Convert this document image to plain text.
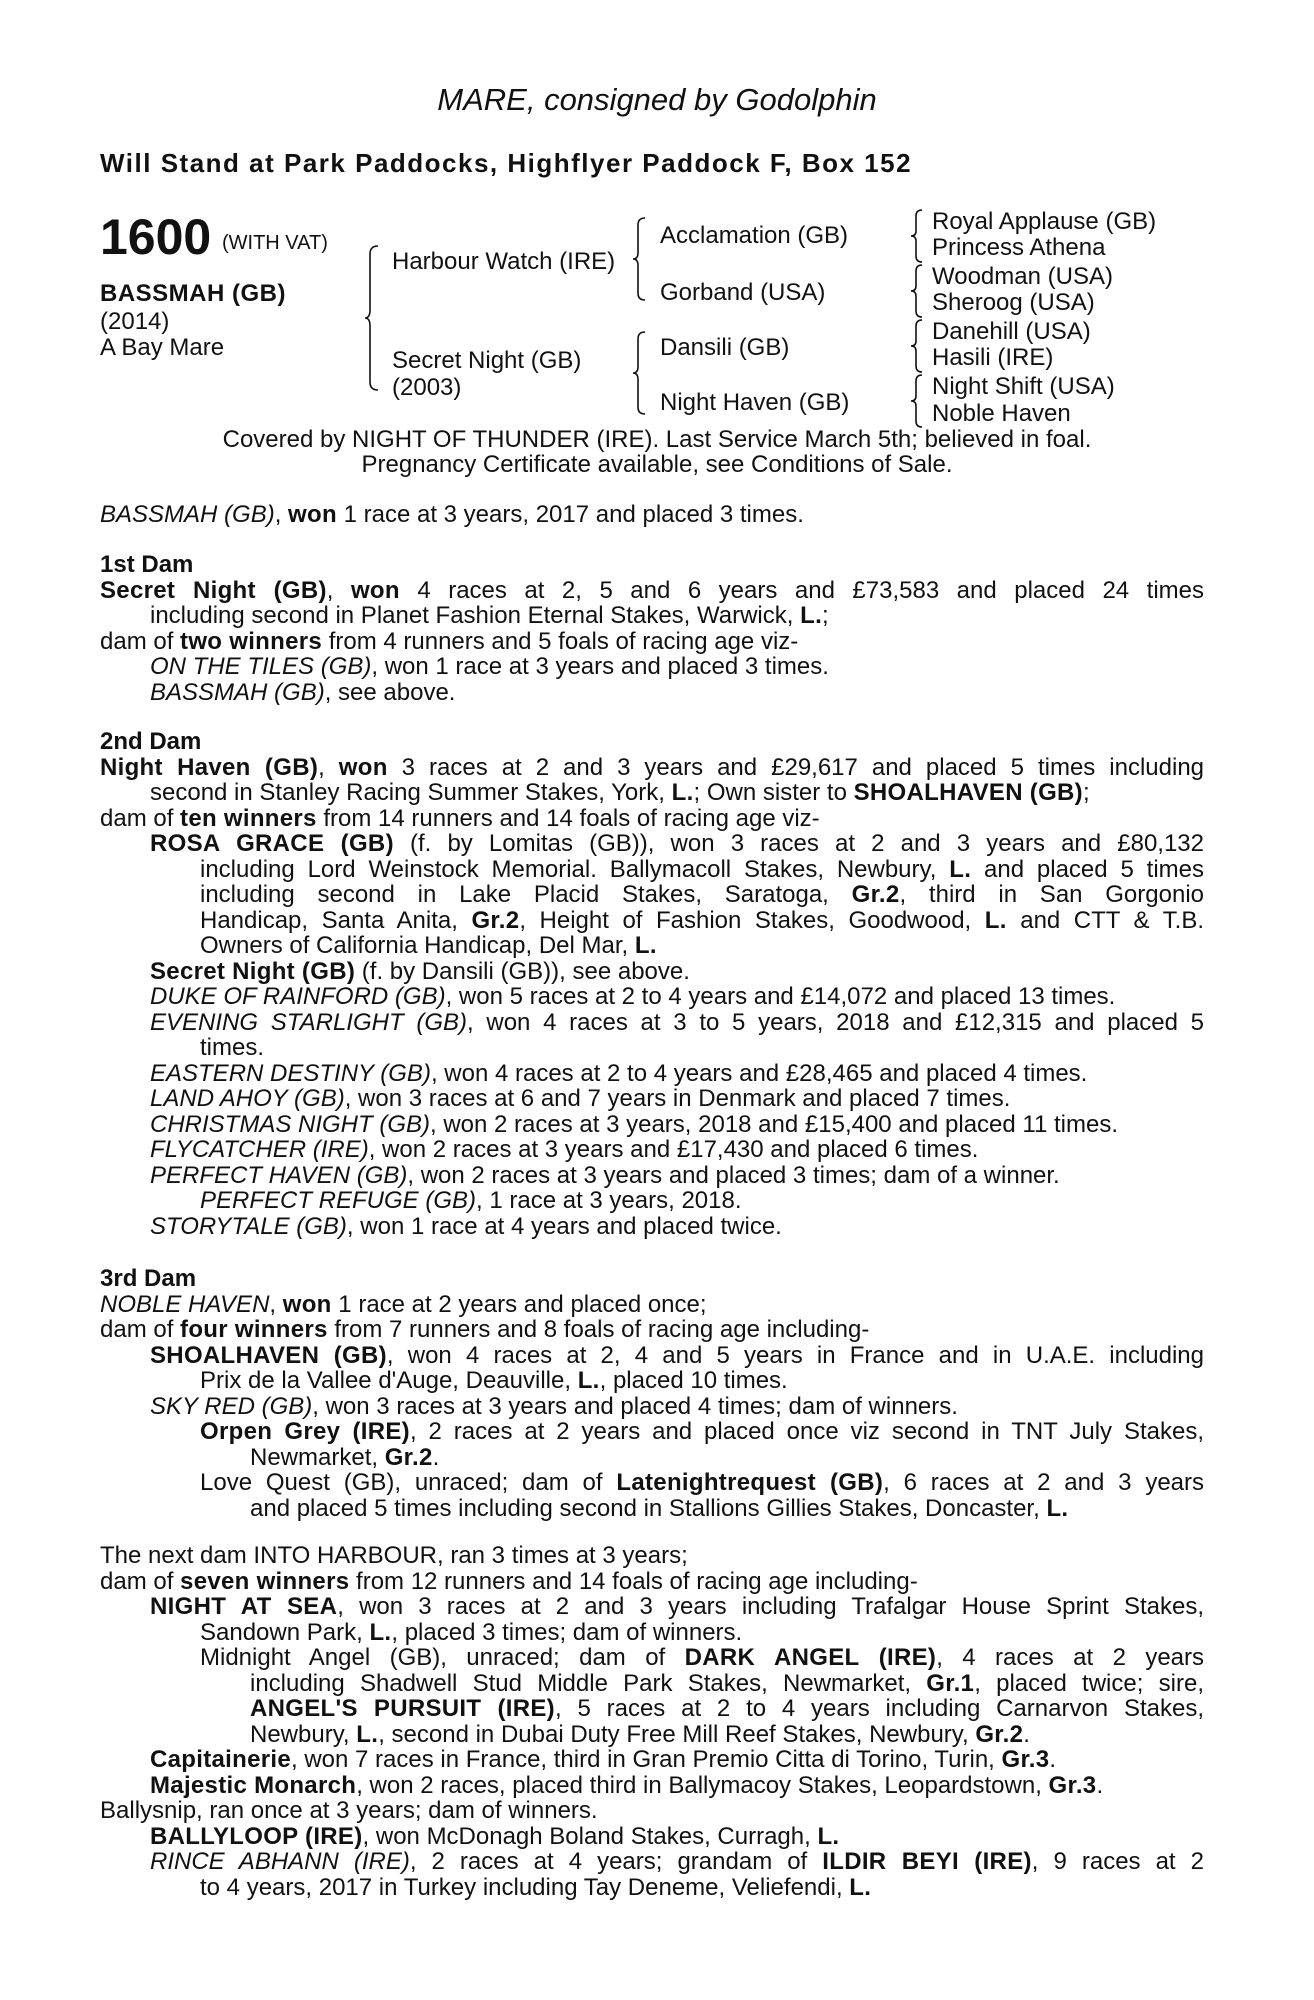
MARE, consigned by Godolphin
Will Stand at Park Paddocks, Highflyer Paddock F, Box 152
1600 (WITH VAT)
BASSMAH (GB)
(2014)
A Bay Mare
Harbour Watch (IRE)
Secret Night (GB)
(2003)
Acclamation (GB)
Gorband (USA)
Dansili (GB)
Night Haven (GB)
Royal Applause (GB)
Princess Athena
Woodman (USA)
Sheroog (USA)
Danehill (USA)
Hasili (IRE)
Night Shift (USA)
Noble Haven
Covered by NIGHT OF THUNDER (IRE). Last Service March 5th; believed in foal.
Pregnancy Certificate available, see Conditions of Sale.
BASSMAH (GB), won 1 race at 3 years, 2017 and placed 3 times.
1st Dam
Secret Night (GB), won 4 races at 2, 5 and 6 years and £73,583 and placed 24 times
including second in Planet Fashion Eternal Stakes, Warwick, L.;
dam of two winners from 4 runners and 5 foals of racing age viz-
ON THE TILES (GB), won 1 race at 3 years and placed 3 times.
BASSMAH (GB), see above.
2nd Dam
Night Haven (GB), won 3 races at 2 and 3 years and £29,617 and placed 5 times including
second in Stanley Racing Summer Stakes, York, L.; Own sister to SHOALHAVEN (GB);
dam of ten winners from 14 runners and 14 foals of racing age viz-
ROSA GRACE (GB) (f. by Lomitas (GB)), won 3 races at 2 and 3 years and £80,132
including Lord Weinstock Memorial. Ballymacoll Stakes, Newbury, L. and placed 5 times
including second in Lake Placid Stakes, Saratoga, Gr.2, third in San Gorgonio
Handicap, Santa Anita, Gr.2, Height of Fashion Stakes, Goodwood, L. and CTT & T.B.
Owners of California Handicap, Del Mar, L.
Secret Night (GB) (f. by Dansili (GB)), see above.
DUKE OF RAINFORD (GB), won 5 races at 2 to 4 years and £14,072 and placed 13 times.
EVENING STARLIGHT (GB), won 4 races at 3 to 5 years, 2018 and £12,315 and placed 5
times.
EASTERN DESTINY (GB), won 4 races at 2 to 4 years and £28,465 and placed 4 times.
LAND AHOY (GB), won 3 races at 6 and 7 years in Denmark and placed 7 times.
CHRISTMAS NIGHT (GB), won 2 races at 3 years, 2018 and £15,400 and placed 11 times.
FLYCATCHER (IRE), won 2 races at 3 years and £17,430 and placed 6 times.
PERFECT HAVEN (GB), won 2 races at 3 years and placed 3 times; dam of a winner.
PERFECT REFUGE (GB), 1 race at 3 years, 2018.
STORYTALE (GB), won 1 race at 4 years and placed twice.
3rd Dam
NOBLE HAVEN, won 1 race at 2 years and placed once;
dam of four winners from 7 runners and 8 foals of racing age including-
SHOALHAVEN (GB), won 4 races at 2, 4 and 5 years in France and in U.A.E. including
Prix de la Vallee d'Auge, Deauville, L., placed 10 times.
SKY RED (GB), won 3 races at 3 years and placed 4 times; dam of winners.
Orpen Grey (IRE), 2 races at 2 years and placed once viz second in TNT July Stakes,
Newmarket, Gr.2.
Love Quest (GB), unraced; dam of Latenightrequest (GB), 6 races at 2 and 3 years
and placed 5 times including second in Stallions Gillies Stakes, Doncaster, L.
The next dam INTO HARBOUR, ran 3 times at 3 years;
dam of seven winners from 12 runners and 14 foals of racing age including-
NIGHT AT SEA, won 3 races at 2 and 3 years including Trafalgar House Sprint Stakes,
Sandown Park, L., placed 3 times; dam of winners.
Midnight Angel (GB), unraced; dam of DARK ANGEL (IRE), 4 races at 2 years
including Shadwell Stud Middle Park Stakes, Newmarket, Gr.1, placed twice; sire,
ANGEL'S PURSUIT (IRE), 5 races at 2 to 4 years including Carnarvon Stakes,
Newbury, L., second in Dubai Duty Free Mill Reef Stakes, Newbury, Gr.2.
Capitainerie, won 7 races in France, third in Gran Premio Citta di Torino, Turin, Gr.3.
Majestic Monarch, won 2 races, placed third in Ballymacoy Stakes, Leopardstown, Gr.3.
Ballysnip, ran once at 3 years; dam of winners.
BALLYLOOP (IRE), won McDonagh Boland Stakes, Curragh, L.
RINCE ABHANN (IRE), 2 races at 4 years; grandam of ILDIR BEYI (IRE), 9 races at 2
to 4 years, 2017 in Turkey including Tay Deneme, Veliefendi, L.
